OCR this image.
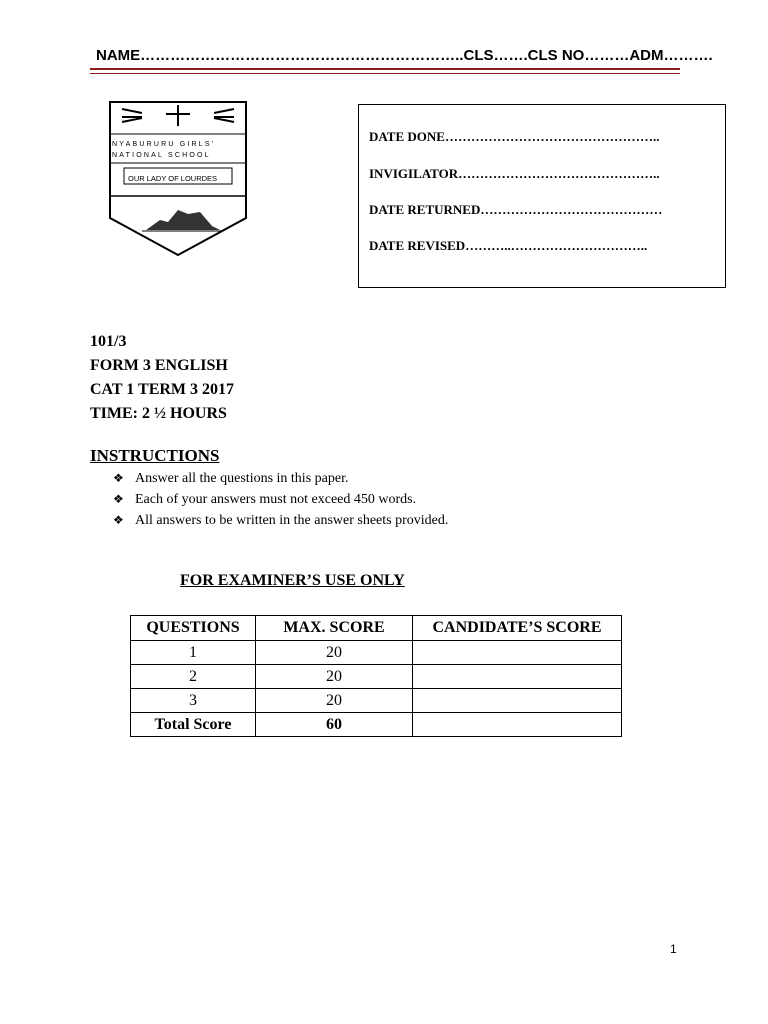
NAME………………………………………………………..CLS…….CLS NO………ADM……….
NYABURURU GIRLS'
NATIONAL SCHOOL
OUR LADY OF LOURDES
DATE DONE…………………………………………..
INVIGILATOR………………………………………..
DATE RETURNED……………………………………
DATE REVISED………..…………………………..
101/3
FORM 3 ENGLISH
CAT 1 TERM 3 2017
TIME: 2 ½ HOURS
INSTRUCTIONS
❖ Answer all the questions in this paper.
❖ Each of your answers must not exceed 450 words.
❖ All answers to be written in the answer sheets provided.
FOR EXAMINER’S USE ONLY
QUESTIONS	MAX. SCORE	CANDIDATE’S SCORE
1	20	
2	20	
3	20	
Total Score	60	
1
